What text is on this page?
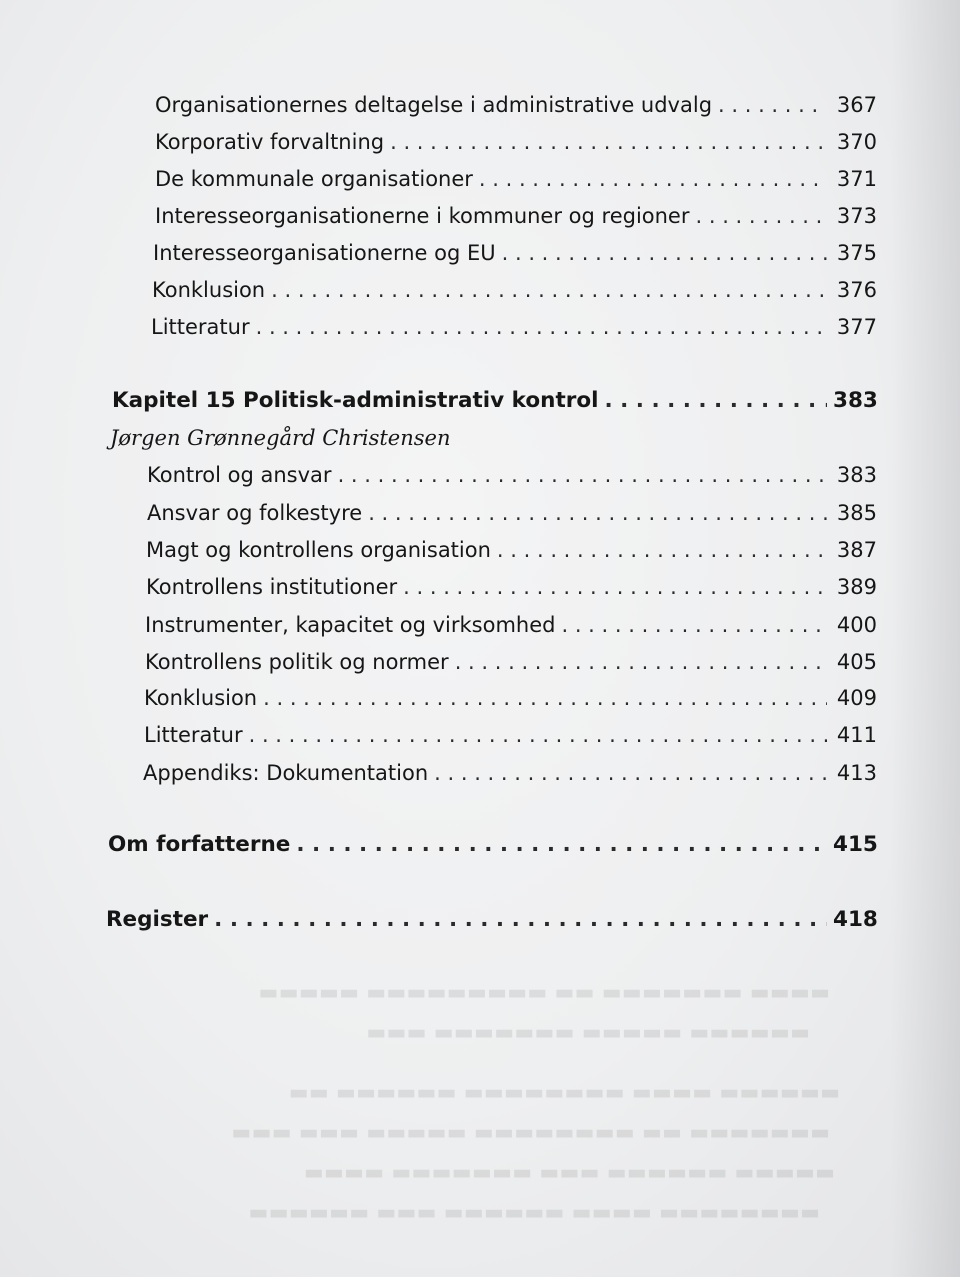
Organisationernes deltagelse i administrative udvalg . . .	367
Korporativ forvaltning . . .	370
De kommunale organisationer . . .	371
Interesseorganisationerne i kommuner og regioner . . .	373
Interesseorganisationerne og EU . . .	375
Konklusion . . .	376
Litteratur . . .	377
Kapitel 15 Politisk-administrativ kontrol . . .	383
Jørgen Grønnegård Christensen
Kontrol og ansvar . . .	383
Ansvar og folkestyre . . .	385
Magt og kontrollens organisation . . .	387
Kontrollens institutioner . . .	389
Instrumenter, kapacitet og virksomhed . . .	400
Kontrollens politik og normer . . .	405
Konklusion . . .	409
Litteratur . . .	411
Appendiks: Dokumentation . . .	413
Om forfatterne . . .	415
Register . . .	418
